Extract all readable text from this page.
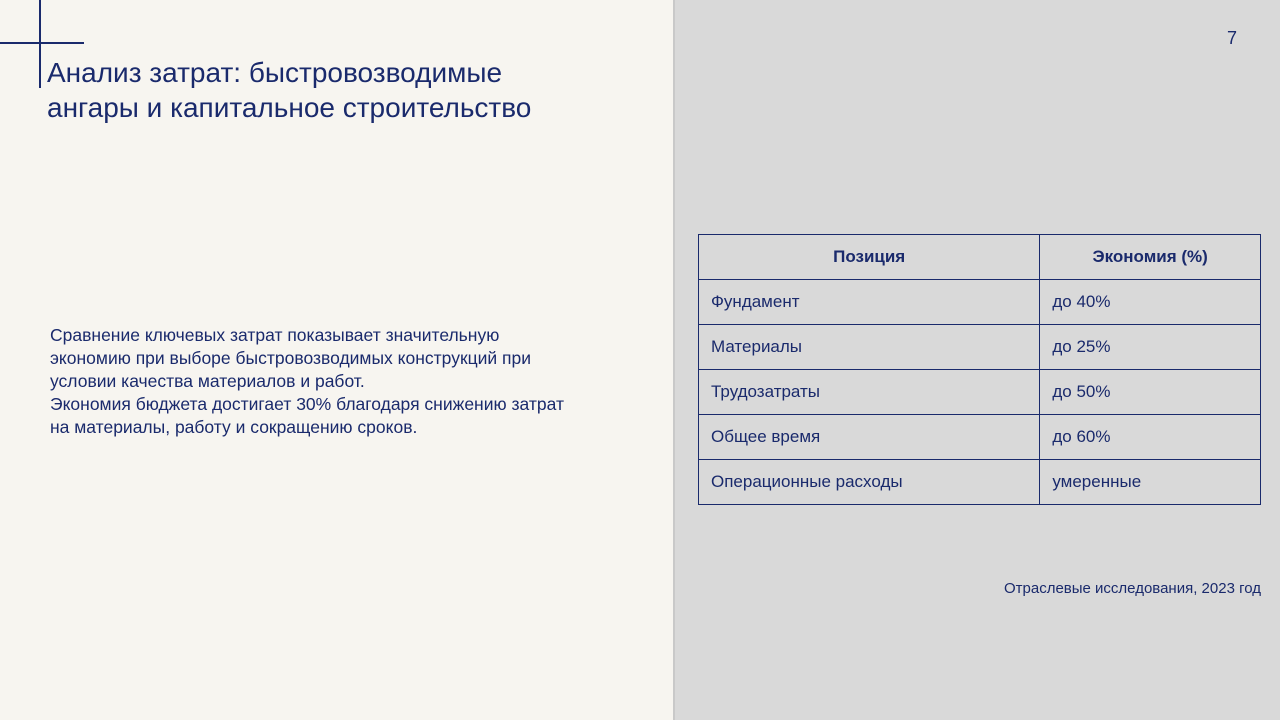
Анализ затрат: быстровозводимые
ангары и капитальное строительство
7

Сравнение ключевых затрат показывает значительную

экономию при выборе быстровозводимых конструкций при

условии качества материалов и работ.

Экономия бюджета достигает 30% благодаря снижению затрат

на материалы, работу и сокращению сроков.

Позиция	Экономия (%)
Фундамент	до 40%
Материалы	до 25%
Трудозатраты	до 50%
Общее время	до 60%
Операционные расходы	умеренные
Отраслевые исследования, 2023 год
